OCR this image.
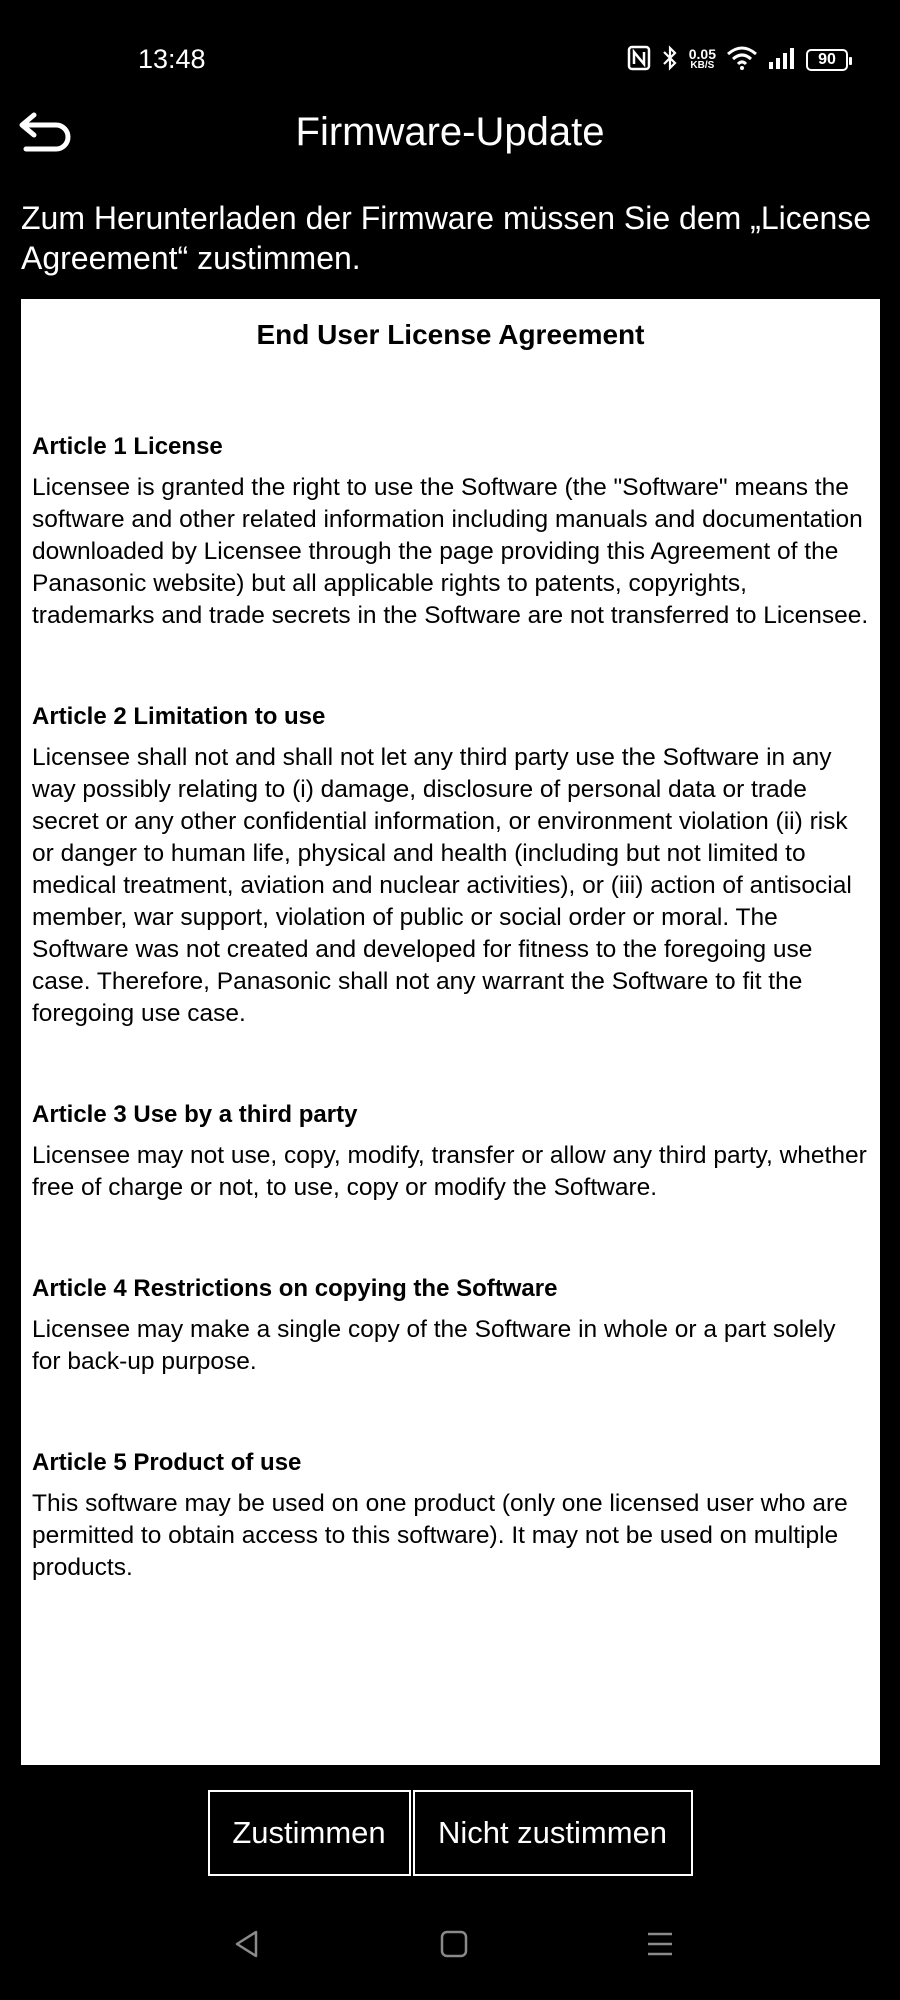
13:48	0.05
KB/S	90
Firmware-Update
Zum Herunterladen der Firmware müssen Sie dem „License Agreement“ zustimmen.
End User License Agreement

Article 1 License

Licensee is granted the right to use the Software (the "Software" means the software and other related information including manuals and documentation downloaded by Licensee through the page providing this Agreement of the Panasonic website) but all applicable rights to patents, copyrights, trademarks and trade secrets in the Software are not transferred to Licensee.

Article 2 Limitation to use

Licensee shall not and shall not let any third party use the Software in any way possibly relating to (i) damage, disclosure of personal data or trade secret or any other confidential information, or environment violation (ii) risk or danger to human life, physical and health (including but not limited to medical treatment, aviation and nuclear activities), or (iii) action of antisocial member, war support, violation of public or social order or moral. The Software was not created and developed for fitness to the foregoing use case. Therefore, Panasonic shall not any warrant the Software to fit the foregoing use case.

Article 3 Use by a third party

Licensee may not use, copy, modify, transfer or allow any third party, whether free of charge or not, to use, copy or modify the Software.

Article 4 Restrictions on copying the Software

Licensee may make a single copy of the Software in whole or a part solely for back-up purpose.

Article 5 Product of use

This software may be used on one product (only one licensed user who are permitted to obtain access to this software). It may not be used on multiple products.

Zustimmen	Nicht zustimmen
